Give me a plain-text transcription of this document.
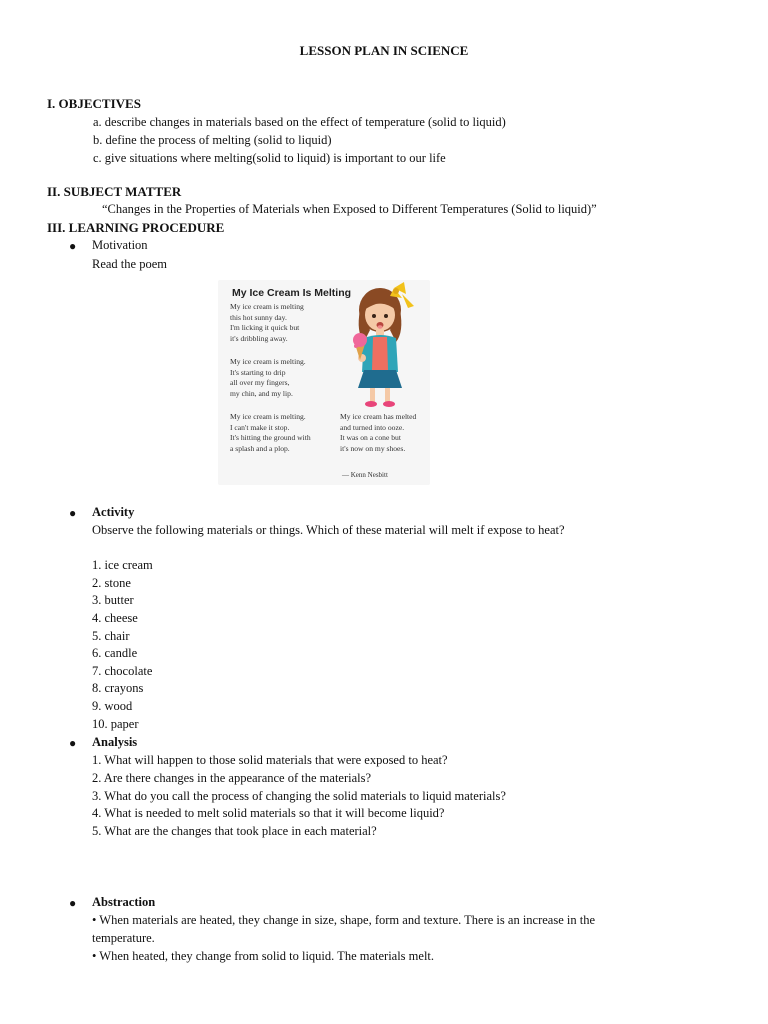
LESSON PLAN IN SCIENCE
I. OBJECTIVES
a. describe changes in materials based on the effect of temperature (solid to liquid)
b. define the process of melting (solid to liquid)
c. give situations where melting(solid to liquid) is important to our life
II. SUBJECT MATTER
“Changes in the Properties of Materials when Exposed to Different Temperatures (Solid to liquid)”
III. LEARNING PROCEDURE
● Motivation
Read the poem
My Ice Cream Is Melting
My ice cream is melting
this hot sunny day.
I'm licking it quick but
it's dribbling away.
My ice cream is melting.
It's starting to drip
all over my fingers,
my chin, and my lip.
My ice cream is melting.
I can't make it stop.
It's hitting the ground with
a splash and a plop.
My ice cream has melted
and turned into ooze.
It was on a cone but
it's now on my shoes.
— Kenn Nesbitt
● Activity
Observe the following materials or things. Which of these material will melt if expose to heat?
1. ice cream
2. stone
3. butter
4. cheese
5. chair
6. candle
7. chocolate
8. crayons
9. wood
10. paper
● Analysis
1. What will happen to those solid materials that were exposed to heat?
2. Are there changes in the appearance of the materials?
3. What do you call the process of changing the solid materials to liquid materials?
4. What is needed to melt solid materials so that it will become liquid?
5. What are the changes that took place in each material?
● Abstraction
• When materials are heated, they change in size, shape, form and texture. There is an increase in the
temperature.
• When heated, they change from solid to liquid. The materials melt.
